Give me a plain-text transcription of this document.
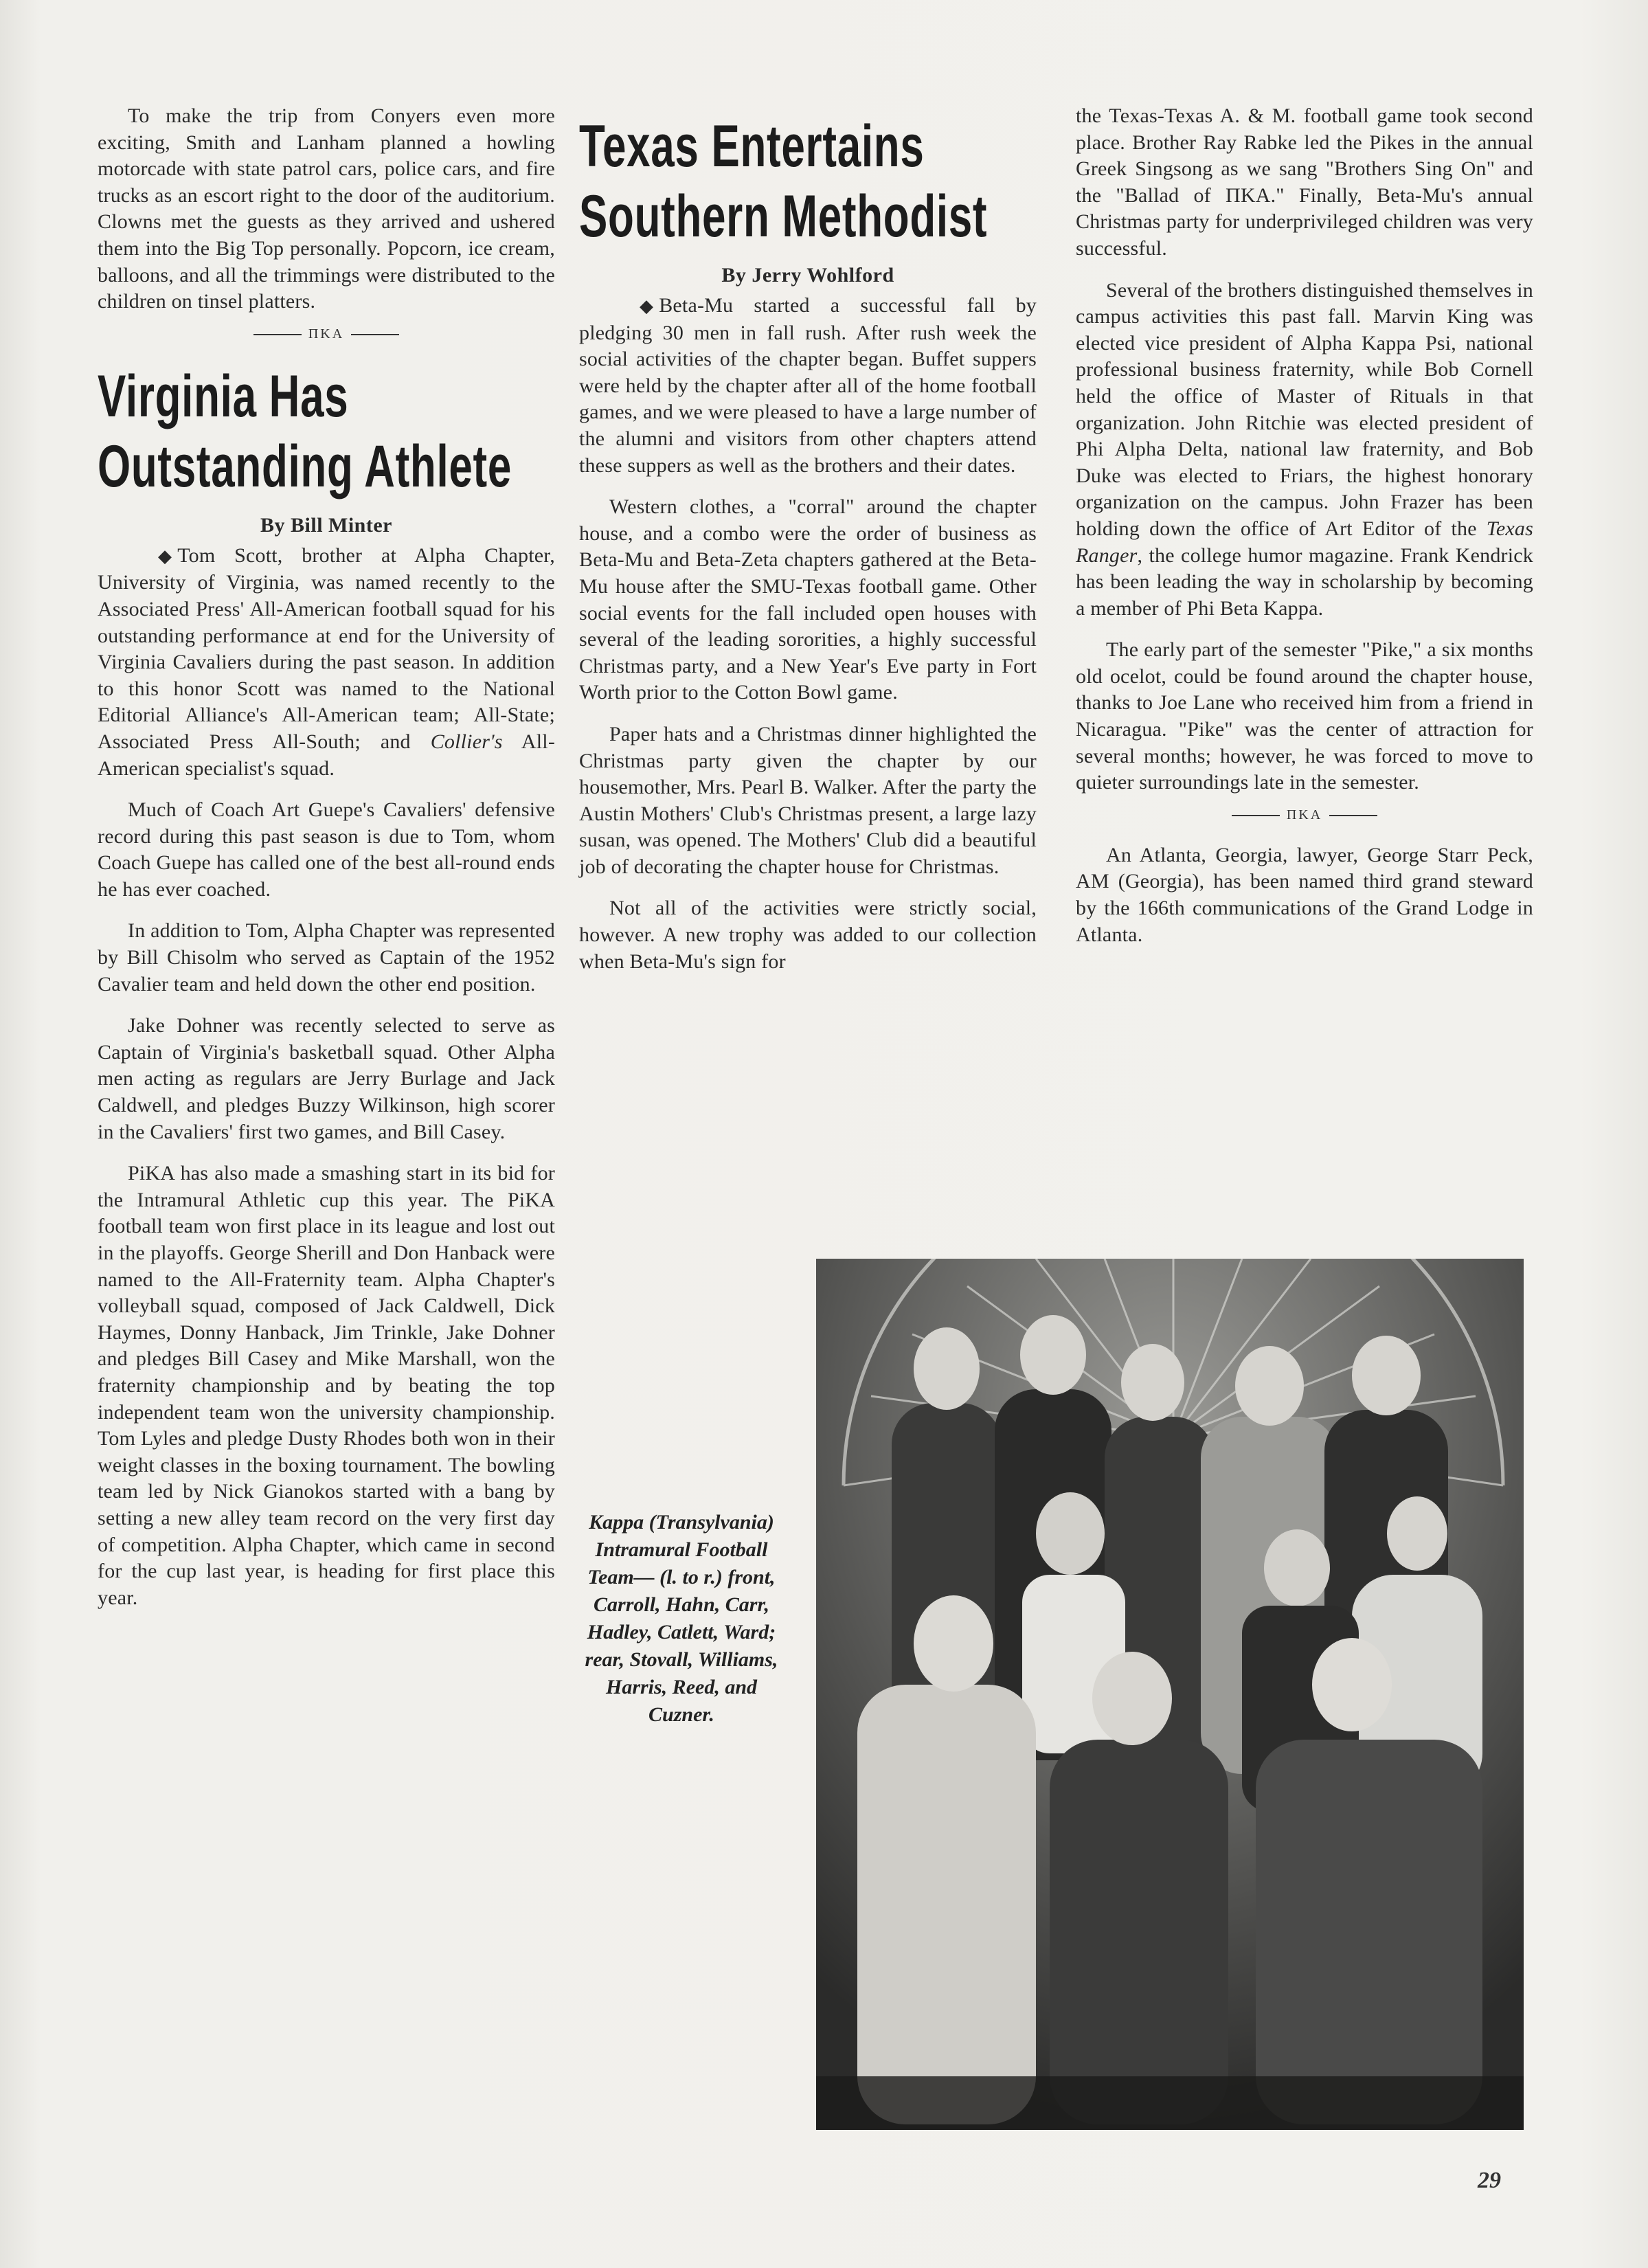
To make the trip from Conyers even more exciting, Smith and Lanham planned a howling motorcade with state patrol cars, police cars, and fire trucks as an escort right to the door of the auditorium. Clowns met the guests as they arrived and ushered them into the Big Top personally. Popcorn, ice cream, balloons, and all the trimmings were distributed to the children on tinsel platters.

ΠΚΑ
Virginia Has
Outstanding Athlete
By Bill Minter

◆ Tom Scott, brother at Alpha Chapter, University of Virginia, was named recently to the Associated Press' All-American football squad for his outstanding performance at end for the University of Virginia Cavaliers during the past season. In addition to this honor Scott was named to the National Editorial Alliance's All-American team; All-State; Associated Press All-South; and Collier's All-American specialist's squad.

Much of Coach Art Guepe's Cavaliers' defensive record during this past season is due to Tom, whom Coach Guepe has called one of the best all-round ends he has ever coached.

In addition to Tom, Alpha Chapter was represented by Bill Chisolm who served as Captain of the 1952 Cavalier team and held down the other end position.

Jake Dohner was recently selected to serve as Captain of Virginia's basketball squad. Other Alpha men acting as regulars are Jerry Burlage and Jack Caldwell, and pledges Buzzy Wilkinson, high scorer in the Cavaliers' first two games, and Bill Casey.

PiKA has also made a smashing start in its bid for the Intramural Athletic cup this year. The PiKA football team won first place in its league and lost out in the playoffs. George Sherill and Don Hanback were named to the All-Fraternity team. Alpha Chapter's volleyball squad, composed of Jack Caldwell, Dick Haymes, Donny Hanback, Jim Trinkle, Jake Dohner and pledges Bill Casey and Mike Marshall, won the fraternity championship and by beating the top independent team won the university championship. Tom Lyles and pledge Dusty Rhodes both won in their weight classes in the boxing tournament. The bowling team led by Nick Gianokos started with a bang by setting a new alley team record on the very first day of competition. Alpha Chapter, which came in second for the cup last year, is heading for first place this year.

Texas Entertains
Southern Methodist
By Jerry Wohlford

◆ Beta-Mu started a successful fall by pledging 30 men in fall rush. After rush week the social activities of the chapter began. Buffet suppers were held by the chapter after all of the home football games, and we were pleased to have a large number of the alumni and visitors from other chapters attend these suppers as well as the brothers and their dates.

Western clothes, a "corral" around the chapter house, and a combo were the order of business as Beta-Mu and Beta-Zeta chapters gathered at the Beta-Mu house after the SMU-Texas football game. Other social events for the fall included open houses with several of the leading sororities, a highly successful Christmas party, and a New Year's Eve party in Fort Worth prior to the Cotton Bowl game.

Paper hats and a Christmas dinner highlighted the Christmas party given the chapter by our housemother, Mrs. Pearl B. Walker. After the party the Austin Mothers' Club's Christmas present, a large lazy susan, was opened. The Mothers' Club did a beautiful job of decorating the chapter house for Christmas.

Not all of the activities were strictly social, however. A new trophy was added to our collection when Beta-Mu's sign for

the Texas-Texas A. & M. football game took second place. Brother Ray Rabke led the Pikes in the annual Greek Singsong as we sang "Brothers Sing On" and the "Ballad of ΠΚΑ." Finally, Beta-Mu's annual Christmas party for underprivileged children was very successful.

Several of the brothers distinguished themselves in campus activities this past fall. Marvin King was elected vice president of Alpha Kappa Psi, national professional business fraternity, while Bob Cornell held the office of Master of Rituals in that organization. John Ritchie was elected president of Phi Alpha Delta, national law fraternity, and Bob Duke was elected to Friars, the highest honorary organization on the campus. John Frazer has been holding down the office of Art Editor of the Texas Ranger, the college humor magazine. Frank Kendrick has been leading the way in scholarship by becoming a member of Phi Beta Kappa.

The early part of the semester "Pike," a six months old ocelot, could be found around the chapter house, thanks to Joe Lane who received him from a friend in Nicaragua. "Pike" was the center of attraction for several months; however, he was forced to move to quieter surroundings late in the semester.

ΠΚΑ

An Atlanta, Georgia, lawyer, George Starr Peck, AM (Georgia), has been named third grand steward by the 166th communications of the Grand Lodge in Atlanta.

Kappa (Transylvania) Intramural Football Team— (l. to r.) front, Carroll, Hahn, Carr, Hadley, Catlett, Ward; rear, Stovall, Williams, Harris, Reed, and Cuzner.
29
